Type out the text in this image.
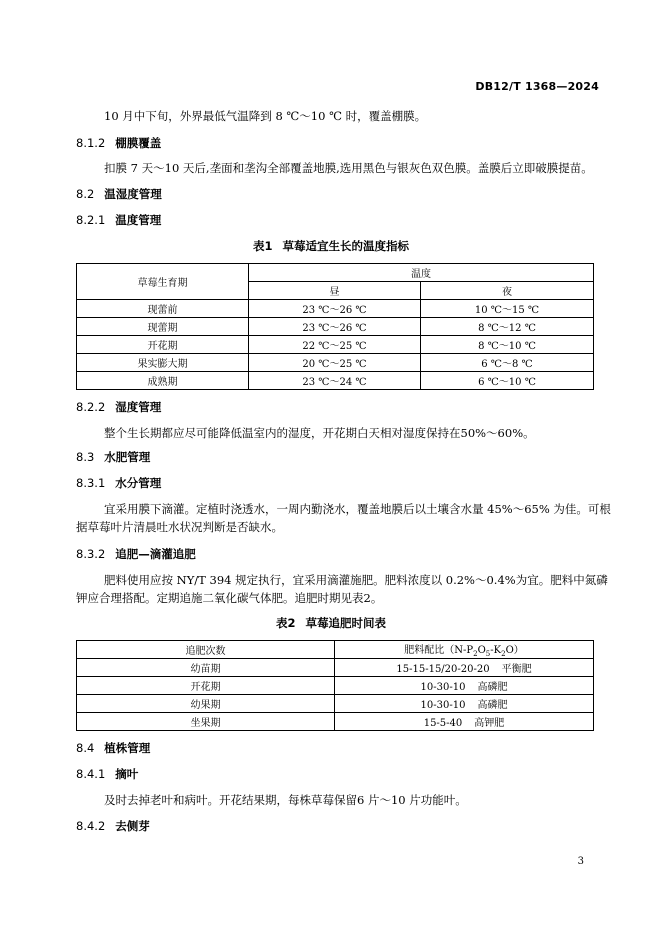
DB12/T 1368—2024
10 月中下旬，外界最低气温降到 8 ℃～10 ℃ 时，覆盖棚膜。
8.1.2 棚膜覆盖
扣膜 7 天～10 天后,垄面和垄沟全部覆盖地膜,选用黑色与银灰色双色膜。盖膜后立即破膜提苗。
8.2 温湿度管理
8.2.1 温度管理
表1 草莓适宜生长的温度指标
草莓生育期	温度	
	昼	夜
现蕾前	23 ℃～26 ℃	10 ℃～15 ℃
现蕾期	23 ℃～26 ℃	8 ℃～12 ℃
开花期	22 ℃～25 ℃	8 ℃～10 ℃
果实膨大期	20 ℃～25 ℃	6 ℃～8 ℃
成熟期	23 ℃～24 ℃	6 ℃～10 ℃
8.2.2 湿度管理
整个生长期都应尽可能降低温室内的湿度，开花期白天相对湿度保持在50%～60%。
8.3 水肥管理
8.3.1 水分管理
宜采用膜下滴灌。定植时浇透水，一周内勤浇水，覆盖地膜后以土壤含水量 45%～65% 为佳。可根
据草莓叶片清晨吐水状况判断是否缺水。
8.3.2 追肥—滴灌追肥
肥料使用应按 NY/T 394 规定执行，宜采用滴灌施肥。肥料浓度以 0.2%～0.4%为宜。肥料中氮磷
钾应合理搭配。定期追施二氧化碳气体肥。追肥时期见表2。
表2 草莓追肥时间表
追肥次数	肥料配比$(N-P_2O_5-K_2O)$
幼苗期	15-15-15/20-20-20 平衡肥
开花期	10-30-10 高磷肥
幼果期	10-30-10 高磷肥
坐果期	15-5-40 高钾肥
8.4 植株管理
8.4.1 摘叶
及时去掉老叶和病叶。开花结果期，每株草莓保留6 片～10 片功能叶。
8.4.2 去侧芽
3
